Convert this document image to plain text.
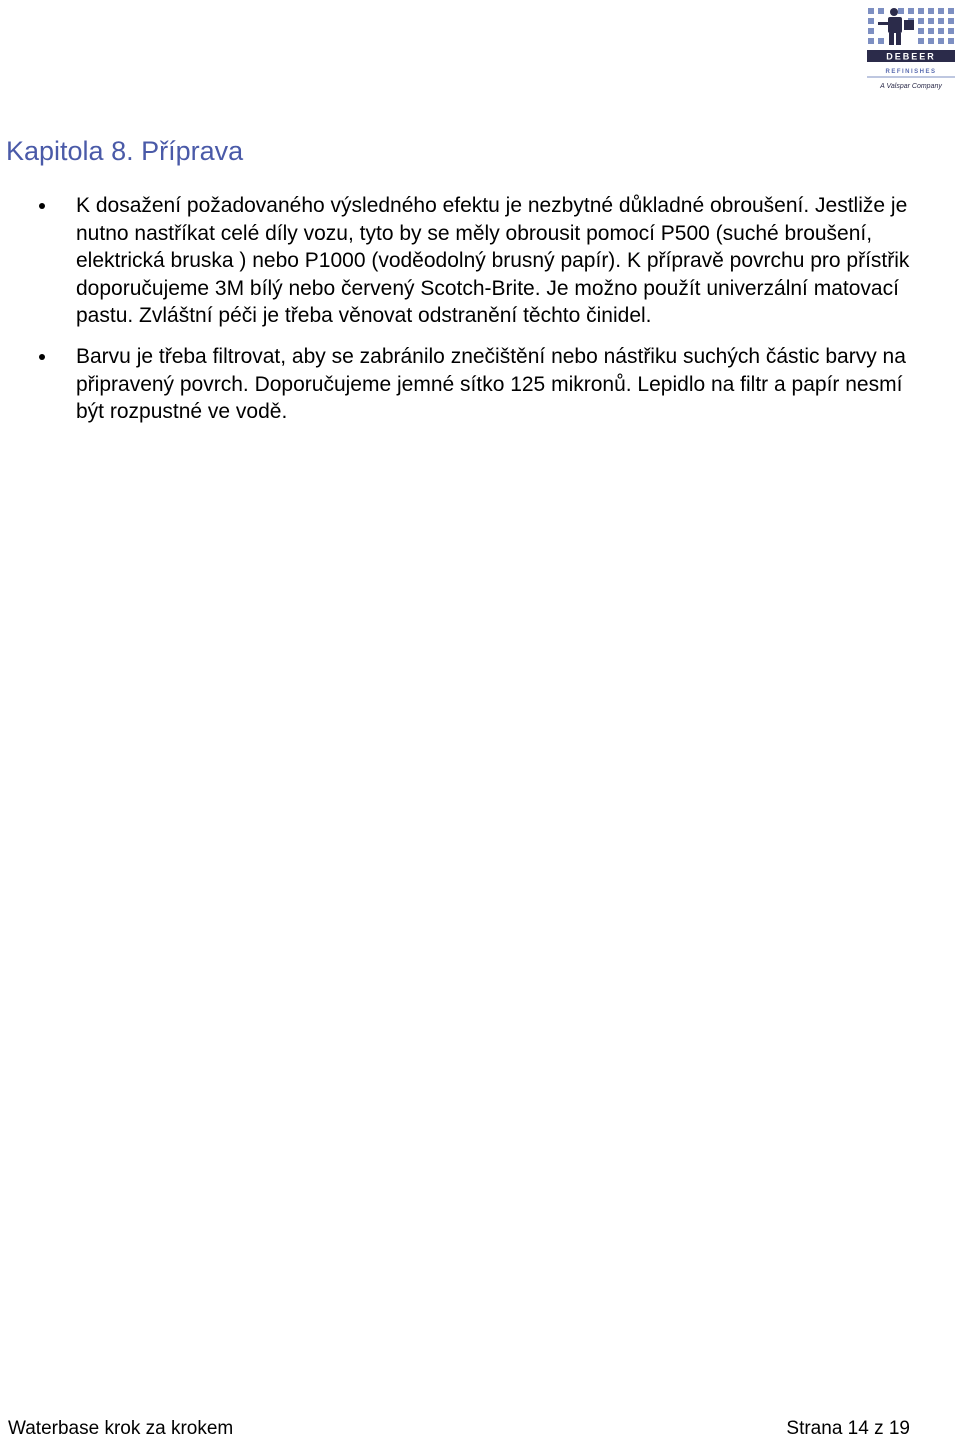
DEBEER
REFINISHES
A Valspar Company
Kapitola 8. Příprava
K dosažení požadovaného výsledného efektu je nezbytné důkladné obroušení. Jestliže je nutno nastříkat celé díly vozu, tyto by se měly obrousit pomocí P500 (suché broušení, elektrická bruska ) nebo P1000 (voděodolný brusný papír). K přípravě povrchu pro přístřik doporučujeme 3M bílý nebo červený Scotch-Brite. Je možno použít univerzální matovací pastu. Zvláštní péči je třeba věnovat odstranění těchto činidel.
Barvu je třeba filtrovat, aby se zabránilo znečištění nebo nástřiku suchých částic barvy na připravený povrch. Doporučujeme jemné sítko 125 mikronů. Lepidlo na filtr a papír nesmí být rozpustné ve vodě.
Waterbase krok za krokem	Strana 14 z 19
